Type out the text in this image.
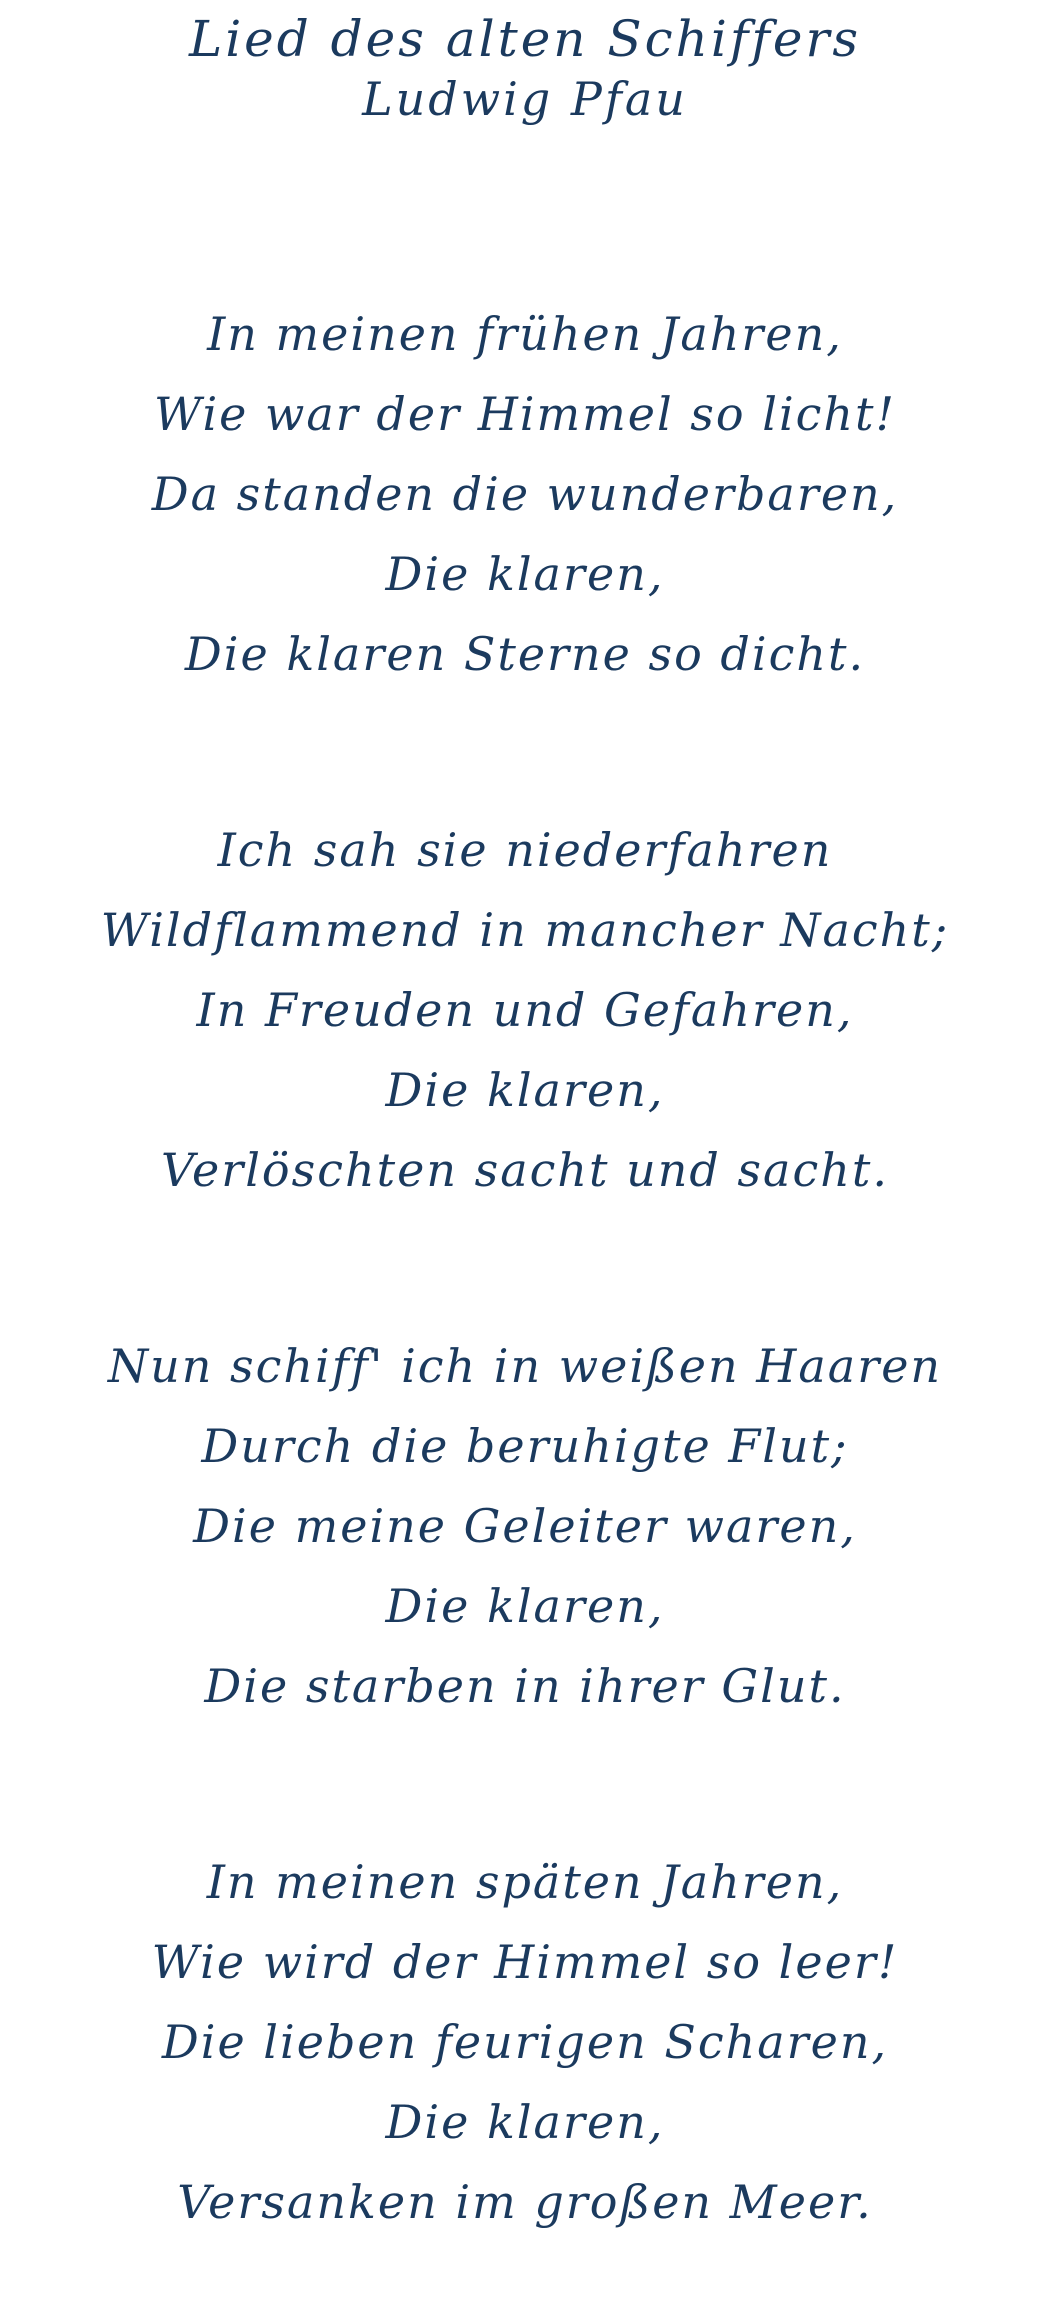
Lied des alten Schiffers
Ludwig Pfau
In meinen frühen Jahren,
Wie war der Himmel so licht!
Da standen die wunderbaren,
Die klaren,
Die klaren Sterne so dicht.
Ich sah sie niederfahren
Wildflammend in mancher Nacht;
In Freuden und Gefahren,
Die klaren,
Verlöschten sacht und sacht.
Nun schiff' ich in weißen Haaren
Durch die beruhigte Flut;
Die meine Geleiter waren,
Die klaren,
Die starben in ihrer Glut.
In meinen späten Jahren,
Wie wird der Himmel so leer!
Die lieben feurigen Scharen,
Die klaren,
Versanken im großen Meer.
